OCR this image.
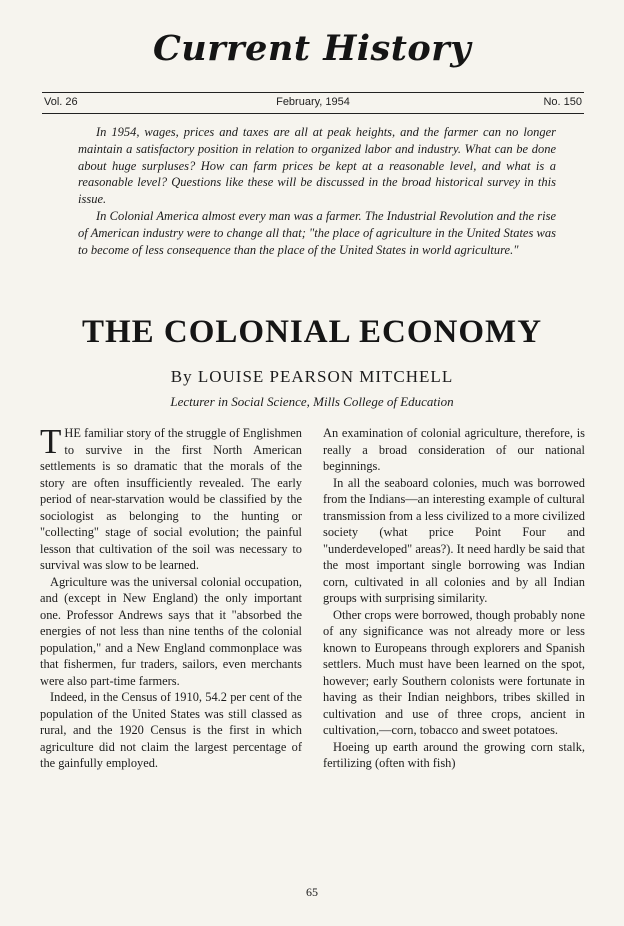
Current History
Vol. 26	February, 1954	No. 150

In 1954, wages, prices and taxes are all at peak heights, and the farmer can no longer maintain a satisfactory position in relation to organized labor and industry. What can be done about huge surpluses? How can farm prices be kept at a reasonable level, and what is a reasonable level? Questions like these will be discussed in the broad historical survey in this issue.

In Colonial America almost every man was a farmer. The Industrial Revolution and the rise of American industry were to change all that; "the place of agriculture in the United States was to become of less consequence than the place of the United States in world agriculture."

THE COLONIAL ECONOMY
By LOUISE PEARSON MITCHELL
Lecturer in Social Science, Mills College of Education

THE familiar story of the struggle of Englishmen to survive in the first North American settlements is so dramatic that the morals of the story are often insufficiently revealed. The early period of near-starvation would be classified by the sociologist as belonging to the hunting or "collecting" stage of social evolution; the painful lesson that cultivation of the soil was necessary to survival was slow to be learned.

Agriculture was the universal colonial occupation, and (except in New England) the only important one. Professor Andrews says that it "absorbed the energies of not less than nine tenths of the colonial population," and a New England commonplace was that fishermen, fur traders, sailors, even merchants were also part-time farmers.

Indeed, in the Census of 1910, 54.2 per cent of the population of the United States was still classed as rural, and the 1920 Census is the first in which agriculture did not claim the largest percentage of the gainfully employed.

An examination of colonial agriculture, therefore, is really a broad consideration of our national beginnings.

In all the seaboard colonies, much was borrowed from the Indians—an interesting example of cultural transmission from a less civilized to a more civilized society (what price Point Four and "underdeveloped" areas?). It need hardly be said that the most important single borrowing was Indian corn, cultivated in all colonies and by all Indian groups with surprising similarity.

Other crops were borrowed, though probably none of any significance was not already more or less known to Europeans through explorers and Spanish settlers. Much must have been learned on the spot, however; early Southern colonists were fortunate in having as their Indian neighbors, tribes skilled in cultivation and use of three crops, ancient in cultivation,—corn, tobacco and sweet potatoes.

Hoeing up earth around the growing corn stalk, fertilizing (often with fish)

65
